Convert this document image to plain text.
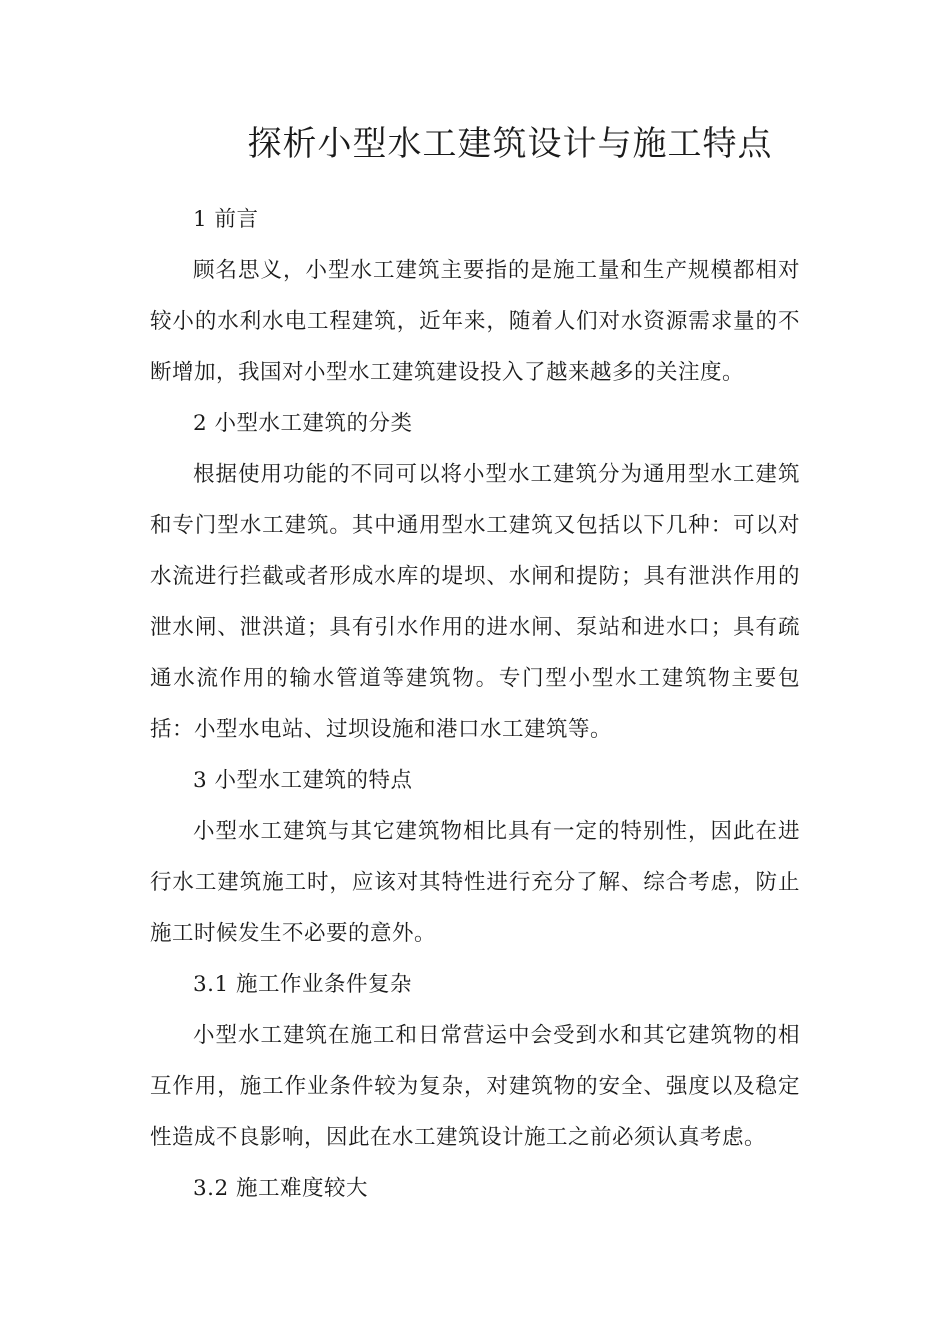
探析小型水工建筑设计与施工特点

1 前言

顾名思义，小型水工建筑主要指的是施工量和生产规模都相对较小的水利水电工程建筑，近年来，随着人们对水资源需求量的不断增加，我国对小型水工建筑建设投入了越来越多的关注度。

2 小型水工建筑的分类

根据使用功能的不同可以将小型水工建筑分为通用型水工建筑和专门型水工建筑。其中通用型水工建筑又包括以下几种：可以对水流进行拦截或者形成水库的堤坝、水闸和提防；具有泄洪作用的泄水闸、泄洪道；具有引水作用的进水闸、泵站和进水口；具有疏通水流作用的输水管道等建筑物。专门型小型水工建筑物主要包括：小型水电站、过坝设施和港口水工建筑等。

3 小型水工建筑的特点

小型水工建筑与其它建筑物相比具有一定的特别性，因此在进行水工建筑施工时，应该对其特性进行充分了解、综合考虑，防止施工时候发生不必要的意外。

3.1 施工作业条件复杂

小型水工建筑在施工和日常营运中会受到水和其它建筑物的相互作用，施工作业条件较为复杂，对建筑物的安全、强度以及稳定性造成不良影响，因此在水工建筑设计施工之前必须认真考虑。

3.2 施工难度较大
